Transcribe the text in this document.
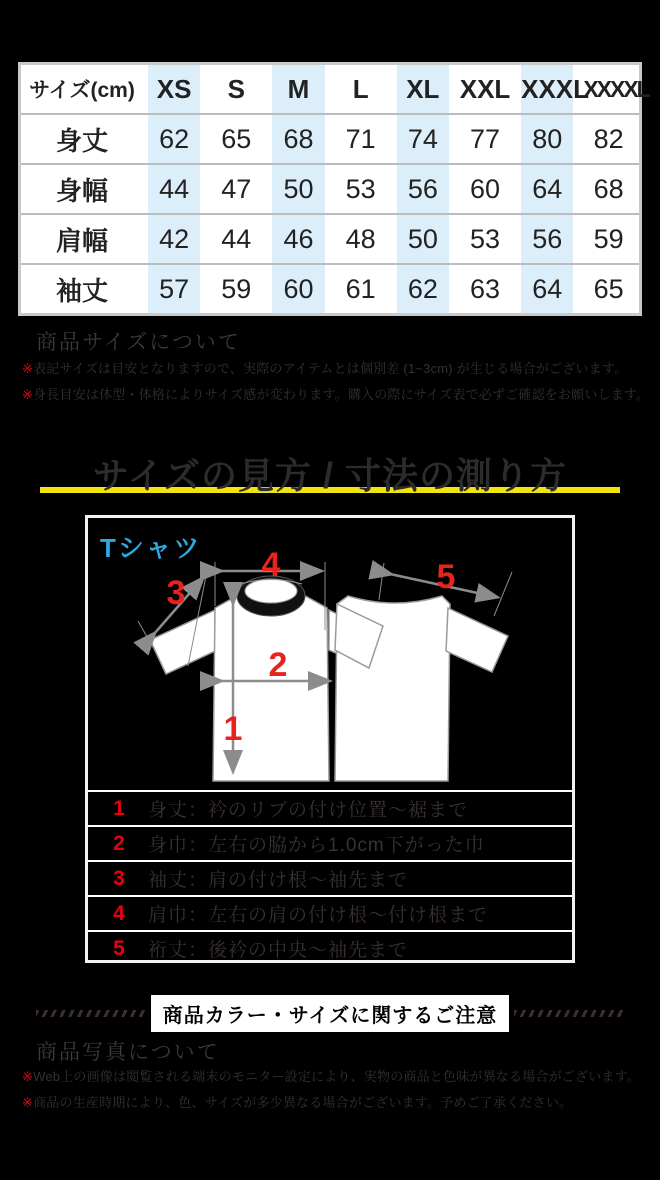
サイズ(cm)	XS	S	M	L	XL	XXL	XXXL	XXXXL
身丈	62	65	68	71	74	77	80	82
身幅	44	47	50	53	56	60	64	68
肩幅	42	44	46	48	50	53	56	59
袖丈	57	59	60	61	62	63	64	65
商品サイズについて
※ 表記サイズは目安となりますので、実際のアイテムとは個別差 (1~3cm) が生じる場合がございます。
※ 身長目安は体型・体格によりサイズ感が変わります。購入の際にサイズ表で必ずご確認をお願いします。
サイズの見方 / 寸法の測り方
1
2
3
4	5
Tシャツ
1	身丈：衿のリブの付け位置〜裾まで
2	身巾：左右の脇から1.0cm下がった巾
3	袖丈：肩の付け根〜袖先まで
4	肩巾：左右の肩の付け根〜付け根まで
5	裄丈：後衿の中央〜袖先まで
商品カラー・サイズに関するご注意
商品写真について
※ Web上の画像は閲覧される端末のモニター設定により、実物の商品と色味が異なる場合がございます。
※ 商品の生産時期により、色、サイズが多少異なる場合がございます。予めご了承ください。
